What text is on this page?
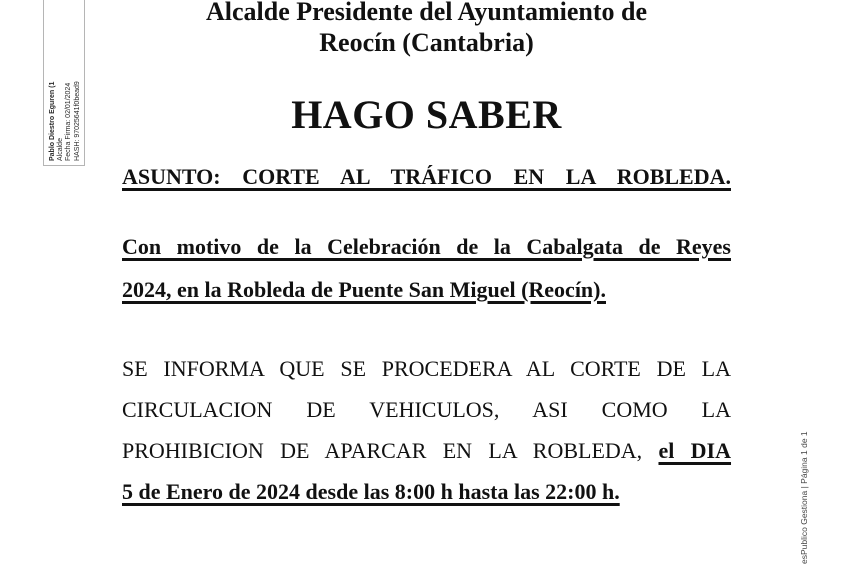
Pablo Diestro Eguren (1 Alcalde Fecha Firma: 02/01/2024 HASH: 97025641f0bead9
esPublico Gestiona | Página 1 de 1
Alcalde Presidente del Ayuntamiento de
Reocín (Cantabria)
HAGO SABER
ASUNTO: CORTE AL TRÁFICO EN LA ROBLEDA.
Con motivo de la Celebración de la Cabalgata de Reyes
2024, en la Robleda de Puente San Miguel (Reocín).
SE INFORMA QUE SE PROCEDERA AL CORTE DE LA
CIRCULACION DE VEHICULOS, ASI COMO LA
PROHIBICION DE APARCAR EN LA ROBLEDA, el DIA
5 de Enero de 2024 desde las 8:00 h hasta las 22:00 h.
